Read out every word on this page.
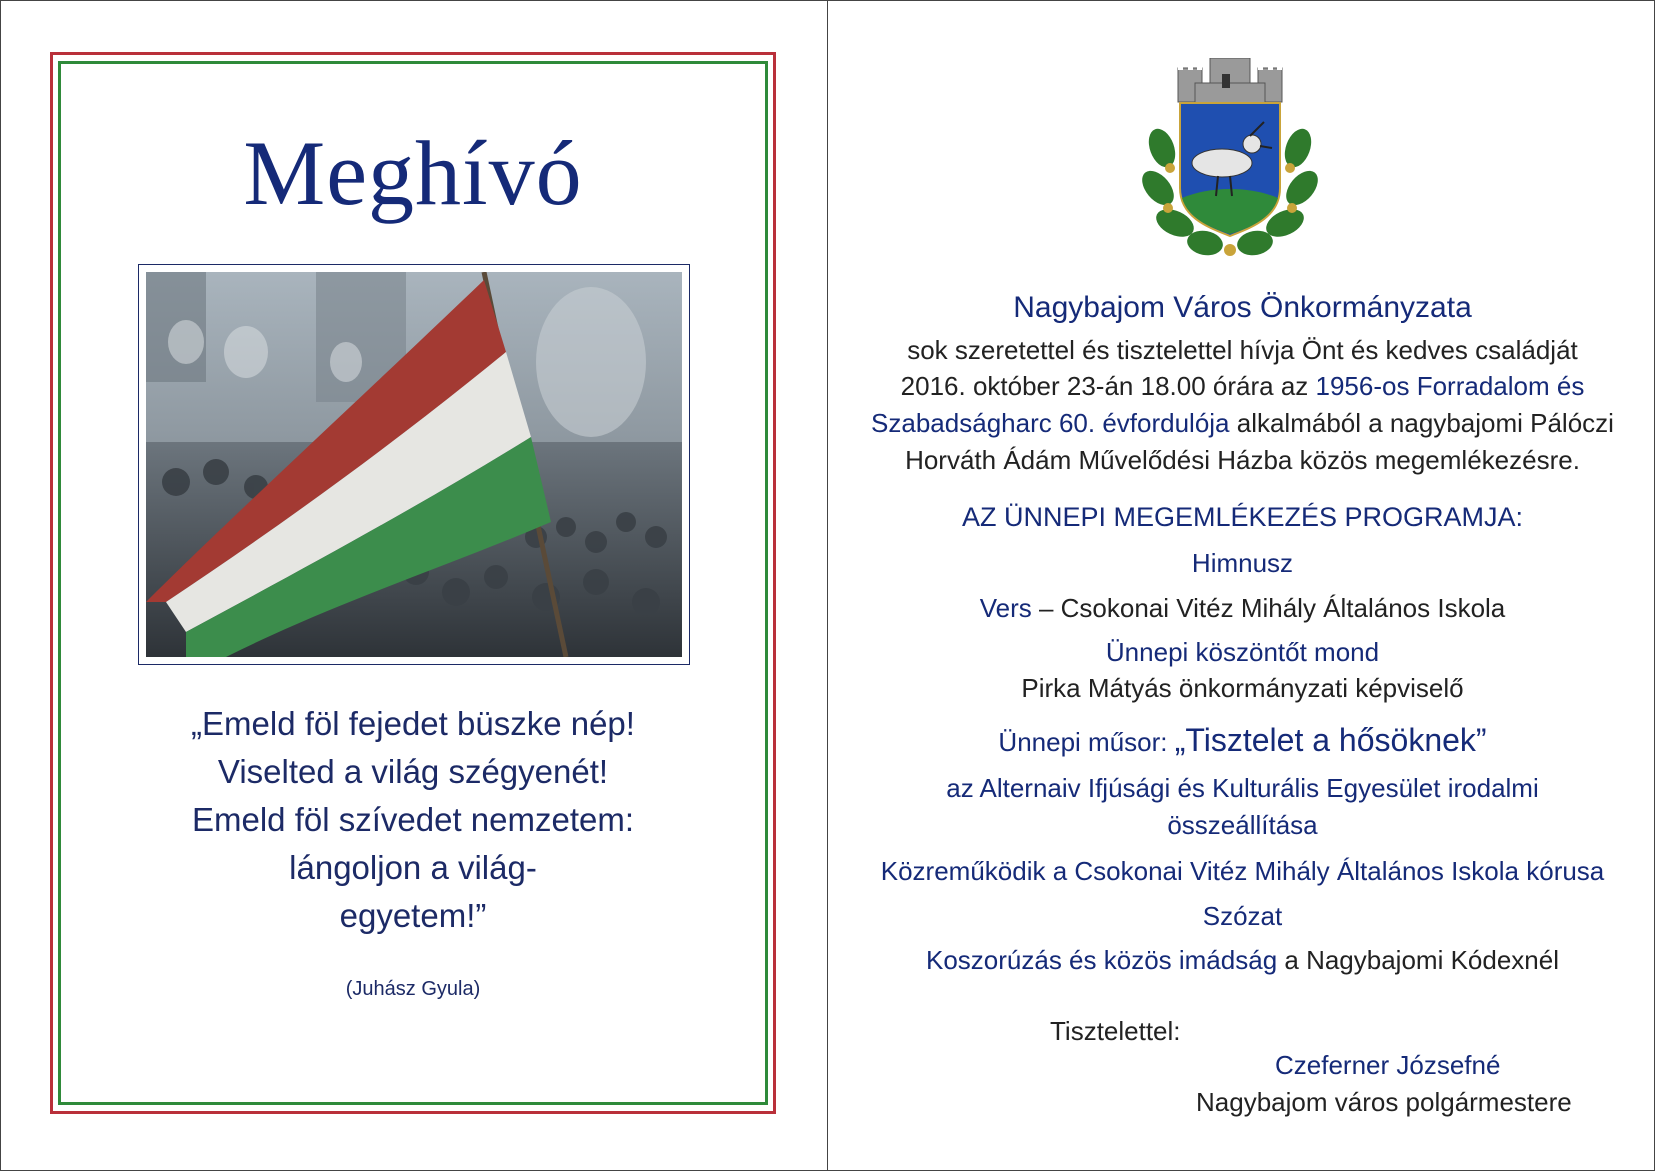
Meghívó
„Emeld föl fejedet büszke nép!
Viselted a világ szégyenét!
Emeld föl szívedet nemzetem:
lángoljon a világ-
egyetem!”
(Juhász Gyula)
Nagybajom Város Önkormányzata
sok szeretettel és tisztelettel hívja Önt és kedves családját
2016. október 23-án 18.00 órára az 1956-os Forradalom és
Szabadságharc 60. évfordulója alkalmából a nagybajomi Pálóczi
Horváth Ádám Művelődési Házba közös megemlékezésre.
AZ ÜNNEPI MEGEMLÉKEZÉS PROGRAMJA:
Himnusz
Vers – Csokonai Vitéz Mihály Általános Iskola
Ünnepi köszöntőt mond
Pirka Mátyás önkormányzati képviselő
Ünnepi műsor: „Tisztelet a hősöknek”
az Alternaiv Ifjúsági és Kulturális Egyesület irodalmi
összeállítása
Közreműködik a Csokonai Vitéz Mihály Általános Iskola kórusa
Szózat
Koszorúzás és közös imádság a Nagybajomi Kódexnél
Tisztelettel:
Czeferner Józsefné
Nagybajom város polgármestere
